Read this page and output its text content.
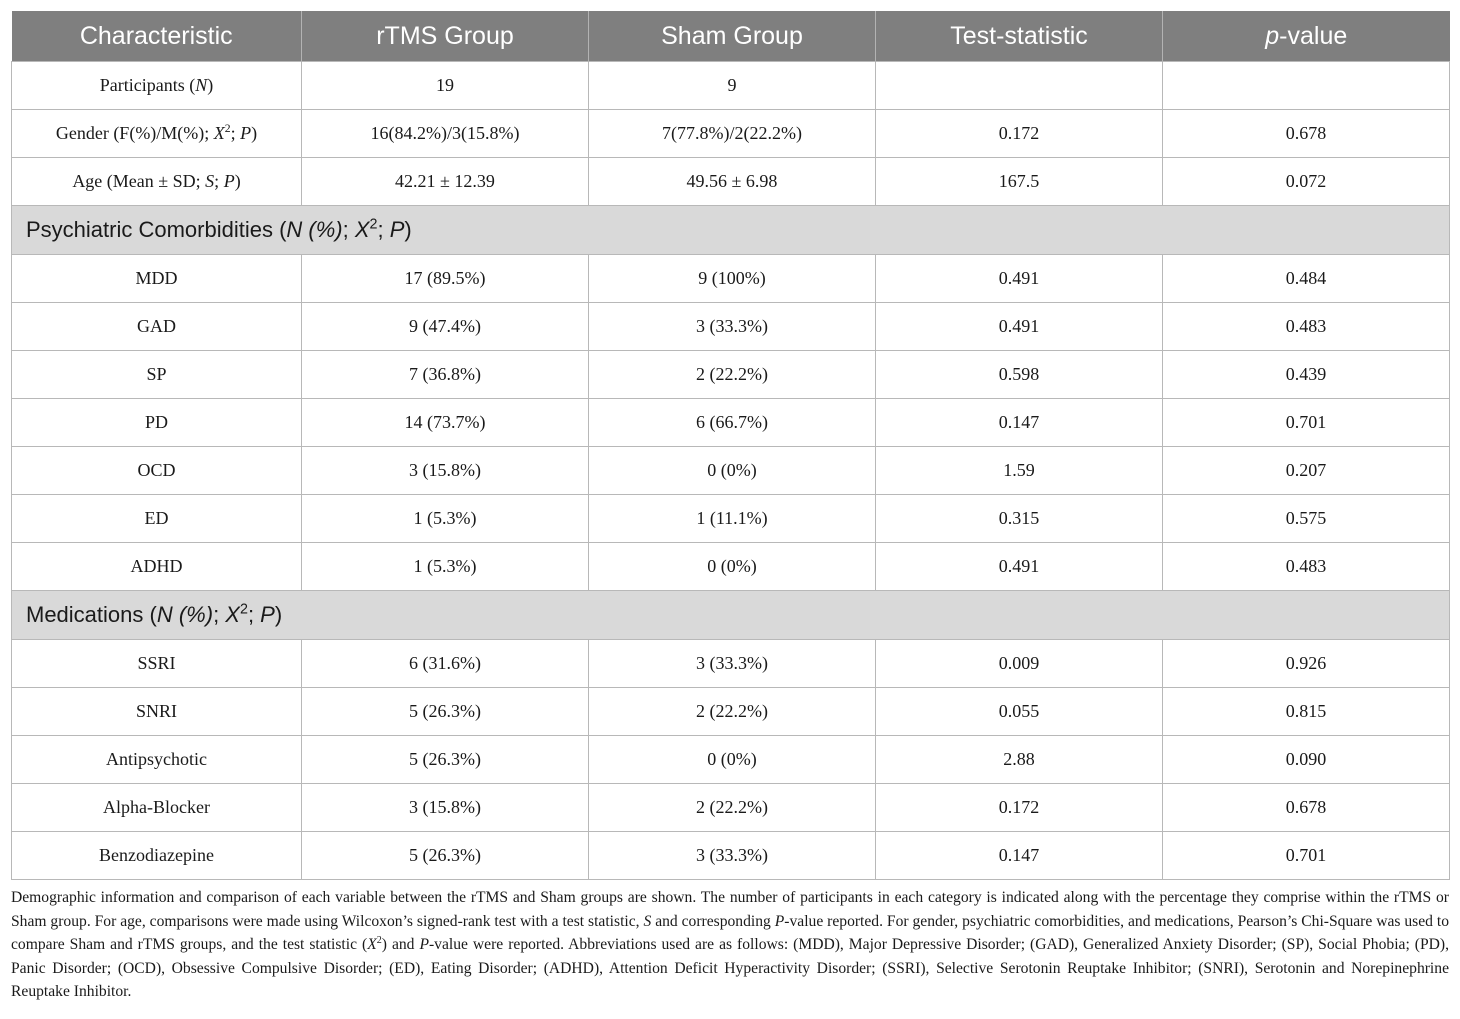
Characteristic	rTMS Group	Sham Group	Test-statistic	p-value
Participants (N)	19	9		
Gender (F(%)/M(%); $X^2$; P)	16(84.2%)/3(15.8%)	7(77.8%)/2(22.2%)	0.172	0.678
Age (Mean ± SD; S; P)	42.21 ± 12.39	49.56 ± 6.98	167.5	0.072
Psychiatric Comorbidities (N (%); $X^2$; P)				
MDD	17 (89.5%)	9 (100%)	0.491	0.484
GAD	9 (47.4%)	3 (33.3%)	0.491	0.483
SP	7 (36.8%)	2 (22.2%)	0.598	0.439
PD	14 (73.7%)	6 (66.7%)	0.147	0.701
OCD	3 (15.8%)	0 (0%)	1.59	0.207
ED	1 (5.3%)	1 (11.1%)	0.315	0.575
ADHD	1 (5.3%)	0 (0%)	0.491	0.483
Medications (N (%); $X^2$; P)				
SSRI	6 (31.6%)	3 (33.3%)	0.009	0.926
SNRI	5 (26.3%)	2 (22.2%)	0.055	0.815
Antipsychotic	5 (26.3%)	0 (0%)	2.88	0.090
Alpha-Blocker	3 (15.8%)	2 (22.2%)	0.172	0.678
Benzodiazepine	5 (26.3%)	3 (33.3%)	0.147	0.701
Demographic information and comparison of each variable between the rTMS and Sham groups are shown. The number of participants in each category is indicated along with the percentage they comprise within the rTMS or Sham group. For age, comparisons were made using Wilcoxon’s signed-rank test with a test statistic, S and corresponding P-value reported. For gender, psychiatric comorbidities, and medications, Pearson’s Chi-Square was used to compare Sham and rTMS groups, and the test statistic $(X^2)$ and P-value were reported. Abbreviations used are as follows: (MDD), Major Depressive Disorder; (GAD), Generalized Anxiety Disorder; (SP), Social Phobia; (PD), Panic Disorder; (OCD), Obsessive Compulsive Disorder; (ED), Eating Disorder; (ADHD), Attention Deficit Hyperactivity Disorder; (SSRI), Selective Serotonin Reuptake Inhibitor; (SNRI), Serotonin and Norepinephrine Reuptake Inhibitor.
